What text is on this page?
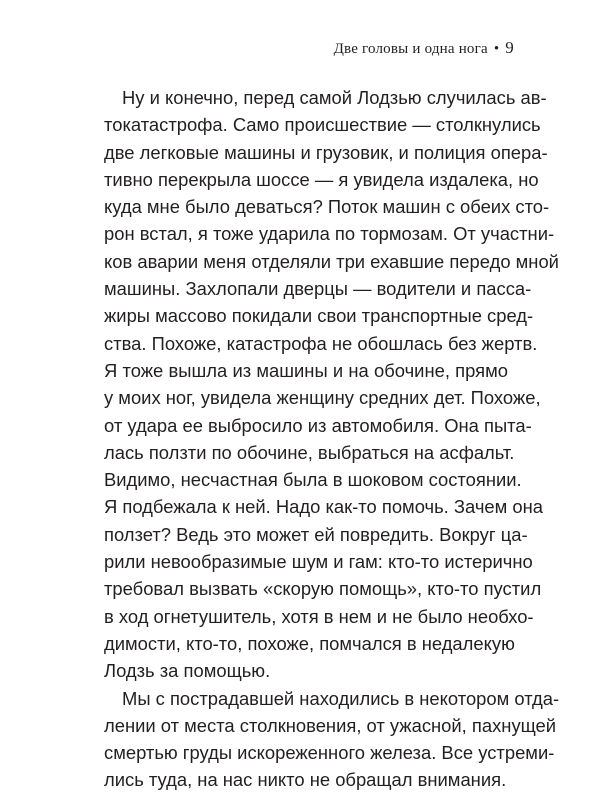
Две головы и одна нога • 9
Ну и конечно, перед самой Лодзью случилась ав-
токатастрофа. Само происшествие — столкнулись
две легковые машины и грузовик, и полиция опера-
тивно перекрыла шоссе — я увидела издалека, но
куда мне было деваться? Поток машин с обеих сто-
рон встал, я тоже ударила по тормозам. От участни-
ков аварии меня отделяли три ехавшие передо мной
машины. Захлопали дверцы — водители и пасса-
жиры массово покидали свои транспортные сред-
ства. Похоже, катастрофа не обошлась без жертв.
Я тоже вышла из машины и на обочине, прямо
у моих ног, увидела женщину средних дет. Похоже,
от удара ее выбросило из автомобиля. Она пыта-
лась ползти по обочине, выбраться на асфальт.
Видимо, несчастная была в шоковом состоянии.
Я подбежала к ней. Надо как-то помочь. Зачем она
ползет? Ведь это может ей повредить. Вокруг ца-
рили невообразимые шум и гам: кто-то истерично
требовал вызвать «скорую помощь», кто-то пустил
в ход огнетушитель, хотя в нем и не было необхо-
димости, кто-то, похоже, помчался в недалекую
Лодзь за помощью.
Мы с пострадавшей находились в некотором отда-
лении от места столкновения, от ужасной, пахнущей
смертью груды искореженного железа. Все устреми-
лись туда, на нас никто не обращал внимания.
